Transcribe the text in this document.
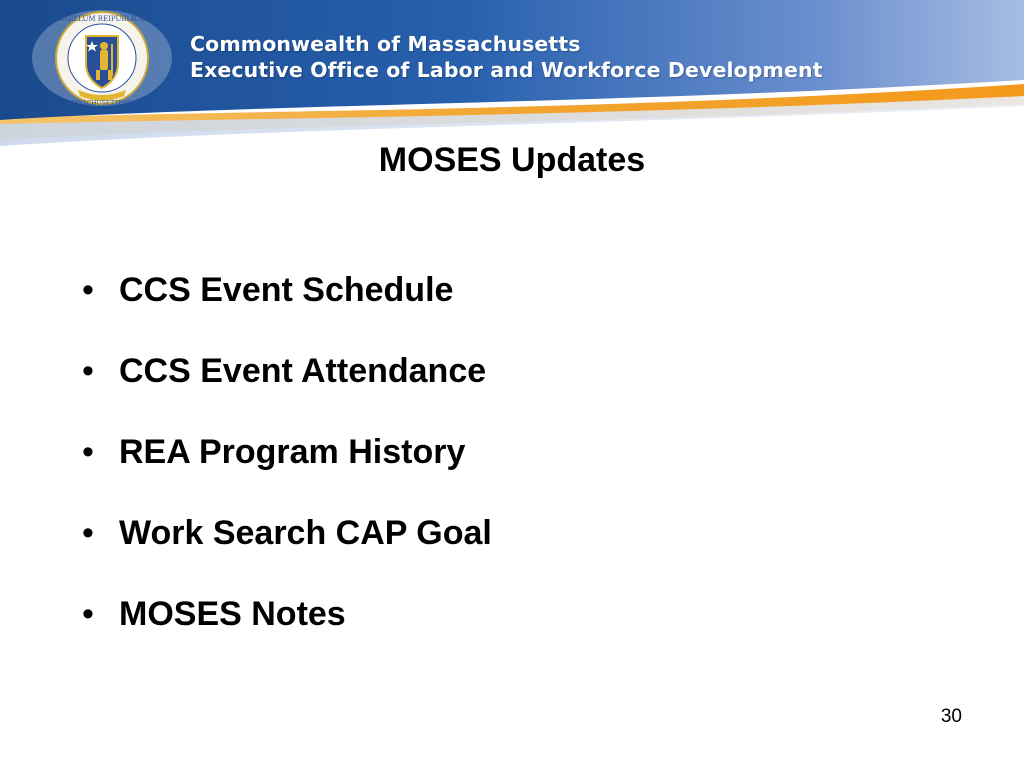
SIGILLUM REIPUBLICÆ
MASSACHUSETTENSIS.
Commonwealth of Massachusetts
Executive Office of Labor and Workforce Development
MOSES Updates
• CCS Event Schedule
• CCS Event Attendance
• REA Program History
• Work Search CAP Goal
• MOSES Notes
30
